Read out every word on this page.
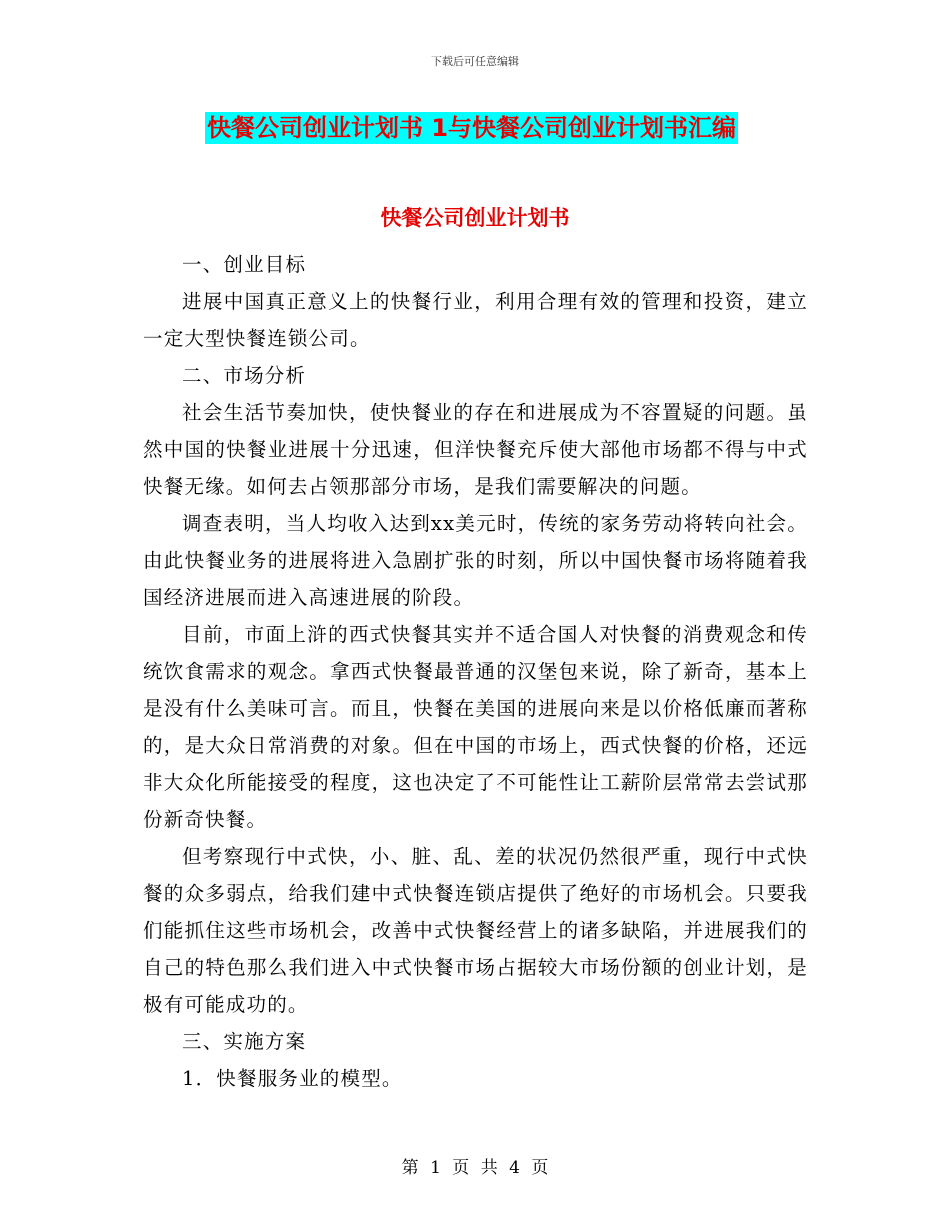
下载后可任意编辑
快餐公司创业计划书 1与快餐公司创业计划书汇编
快餐公司创业计划书

一、创业目标

进展中国真正意义上的快餐行业，利用合理有效的管理和投资，建立一定大型快餐连锁公司。

二、市场分析

社会生活节奏加快，使快餐业的存在和进展成为不容置疑的问题。虽然中国的快餐业进展十分迅速，但洋快餐充斥使大部他市场都不得与中式快餐无缘。如何去占领那部分市场，是我们需要解决的问题。

调查表明，当人均收入达到xx美元时，传统的家务劳动将转向社会。由此快餐业务的进展将进入急剧扩张的时刻，所以中国快餐市场将随着我国经济进展而进入高速进展的阶段。

目前，市面上浒的西式快餐其实并不适合国人对快餐的消费观念和传统饮食需求的观念。拿西式快餐最普通的汉堡包来说，除了新奇，基本上是没有什么美味可言。而且，快餐在美国的进展向来是以价格低廉而著称的，是大众日常消费的对象。但在中国的市场上，西式快餐的价格，还远非大众化所能接受的程度，这也决定了不可能性让工薪阶层常常去尝试那份新奇快餐。

但考察现行中式快，小、脏、乱、差的状况仍然很严重，现行中式快餐的众多弱点，给我们建中式快餐连锁店提供了绝好的市场机会。只要我们能抓住这些市场机会，改善中式快餐经营上的诸多缺陷，并进展我们的自己的特色那么我们进入中式快餐市场占据较大市场份额的创业计划，是极有可能成功的。

三、实施方案

1．快餐服务业的模型。

第 1 页 共 4 页
